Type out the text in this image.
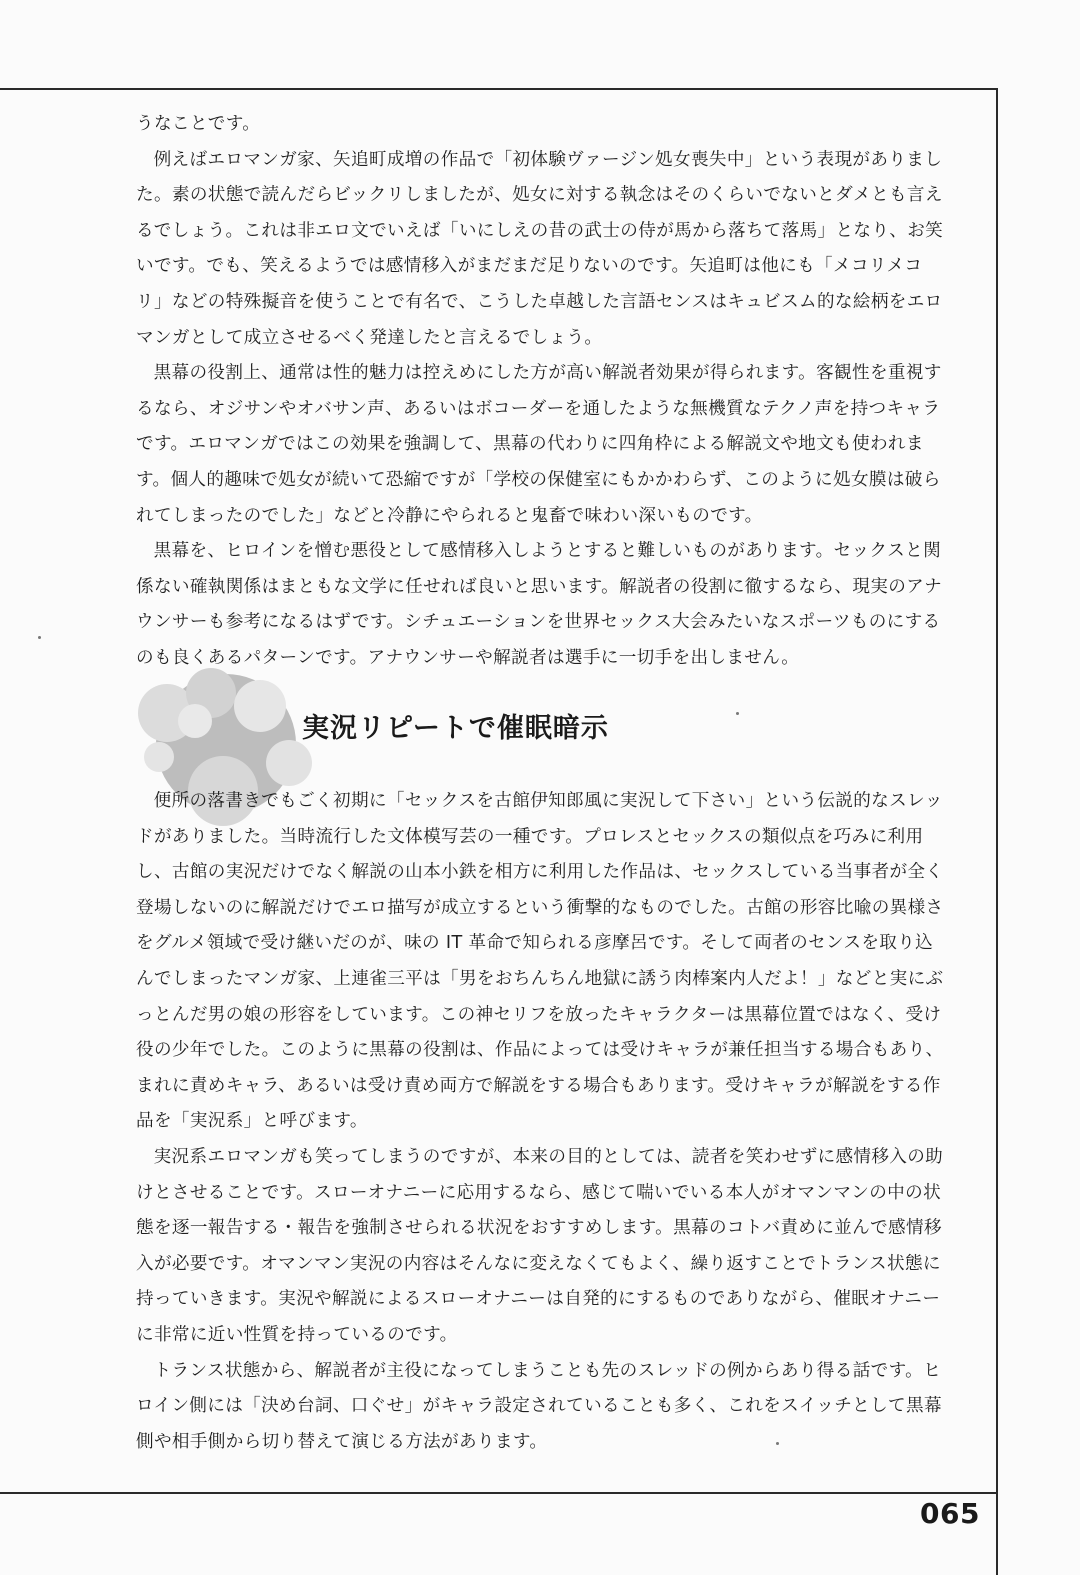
うなことです。

例えばエロマンガ家、矢追町成増の作品で「初体験ヴァージン処女喪失中」という表現がありました。素の状態で読んだらビックリしましたが、処女に対する執念はそのくらいでないとダメとも言えるでしょう。これは非エロ文でいえば「いにしえの昔の武士の侍が馬から落ちて落馬」となり、お笑いです。でも、笑えるようでは感情移入がまだまだ足りないのです。矢追町は他にも「メコリメコリ」などの特殊擬音を使うことで有名で、こうした卓越した言語センスはキュビスム的な絵柄をエロマンガとして成立させるべく発達したと言えるでしょう。

黒幕の役割上、通常は性的魅力は控えめにした方が高い解説者効果が得られます。客観性を重視するなら、オジサンやオバサン声、あるいはボコーダーを通したような無機質なテクノ声を持つキャラです。エロマンガではこの効果を強調して、黒幕の代わりに四角枠による解説文や地文も使われます。個人的趣味で処女が続いて恐縮ですが「学校の保健室にもかかわらず、このように処女膜は破られてしまったのでした」などと冷静にやられると鬼畜で味わい深いものです。

黒幕を、ヒロインを憎む悪役として感情移入しようとすると難しいものがあります。セックスと関係ない確執関係はまともな文学に任せれば良いと思います。解説者の役割に徹するなら、現実のアナウンサーも参考になるはずです。シチュエーションを世界セックス大会みたいなスポーツものにするのも良くあるパターンです。アナウンサーや解説者は選手に一切手を出しません。

実況リピートで催眠暗示

便所の落書きでもごく初期に「セックスを古館伊知郎風に実況して下さい」という伝説的なスレッドがありました。当時流行した文体模写芸の一種です。プロレスとセックスの類似点を巧みに利用し、古館の実況だけでなく解説の山本小鉄を相方に利用した作品は、セックスしている当事者が全く登場しないのに解説だけでエロ描写が成立するという衝撃的なものでした。古館の形容比喩の異様さをグルメ領域で受け継いだのが、味の IT 革命で知られる彦摩呂です。そして両者のセンスを取り込んでしまったマンガ家、上連雀三平は「男をおちんちん地獄に誘う肉棒案内人だよ！」などと実にぶっとんだ男の娘の形容をしています。この神セリフを放ったキャラクターは黒幕位置ではなく、受け役の少年でした。このように黒幕の役割は、作品によっては受けキャラが兼任担当する場合もあり、まれに責めキャラ、あるいは受け責め両方で解説をする場合もあります。受けキャラが解説をする作品を「実況系」と呼びます。

実況系エロマンガも笑ってしまうのですが、本来の目的としては、読者を笑わせずに感情移入の助けとさせることです。スローオナニーに応用するなら、感じて喘いでいる本人がオマンマンの中の状態を逐一報告する・報告を強制させられる状況をおすすめします。黒幕のコトバ責めに並んで感情移入が必要です。オマンマン実況の内容はそんなに変えなくてもよく、繰り返すことでトランス状態に持っていきます。実況や解説によるスローオナニーは自発的にするものでありながら、催眠オナニーに非常に近い性質を持っているのです。

トランス状態から、解説者が主役になってしまうことも先のスレッドの例からあり得る話です。ヒロイン側には「決め台詞、口ぐせ」がキャラ設定されていることも多く、これをスイッチとして黒幕側や相手側から切り替えて演じる方法があります。

065
